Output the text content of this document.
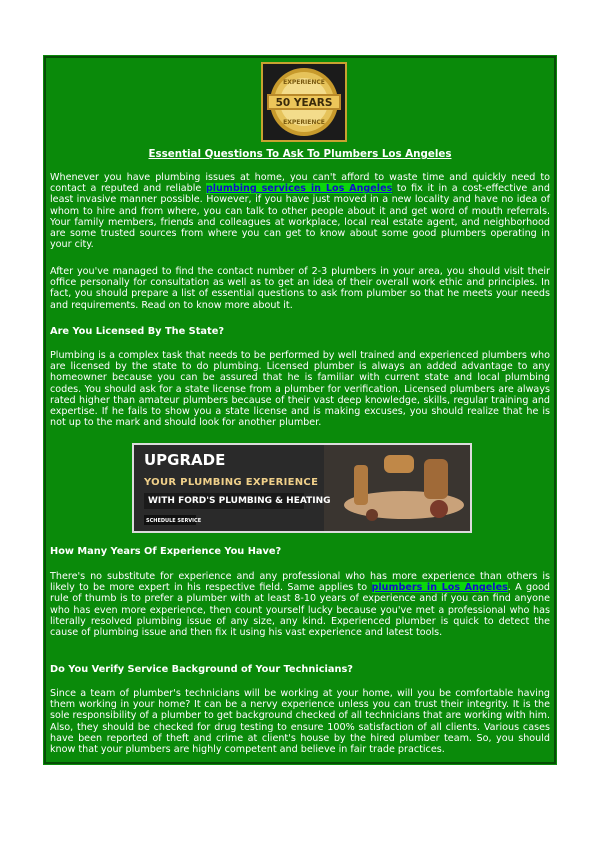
50 YEARS
EXPERIENCE
EXPERIENCE
Essential Questions To Ask To Plumbers Los Angeles

Whenever you have plumbing issues at home, you can't afford to waste time and quickly need to contact a reputed and reliable plumbing services in Los Angeles to fix it in a cost-effective and least invasive manner possible. However, if you have just moved in a new locality and have no idea of whom to hire and from where, you can talk to other people about it and get word of mouth referrals. Your family members, friends and colleagues at workplace, local real estate agent, and neighborhood are some trusted sources from where you can get to know about some good plumbers operating in your city.

After you've managed to find the contact number of 2-3 plumbers in your area, you should visit their office personally for consultation as well as to get an idea of their overall work ethic and principles. In fact, you should prepare a list of essential questions to ask from plumber so that he meets your needs and requirements. Read on to know more about it.

Are You Licensed By The State?

Plumbing is a complex task that needs to be performed by well trained and experienced plumbers who are licensed by the state to do plumbing. Licensed plumber is always an added advantage to any homeowner because you can be assured that he is familiar with current state and local plumbing codes. You should ask for a state license from a plumber for verification. Licensed plumbers are always rated higher than amateur plumbers because of their vast deep knowledge, skills, regular training and expertise. If he fails to show you a state license and is making excuses, you should realize that he is not up to the mark and should look for another plumber.

UPGRADE
YOUR PLUMBING EXPERIENCE
WITH FORD'S PLUMBING & HEATING
SCHEDULE SERVICE
How Many Years Of Experience You Have?

There's no substitute for experience and any professional who has more experience than others is likely to be more expert in his respective field. Same applies to plumbers in Los Angeles. A good rule of thumb is to prefer a plumber with at least 8-10 years of experience and if you can find anyone who has even more experience, then count yourself lucky because you've met a professional who has literally resolved plumbing issue of any size, any kind. Experienced plumber is quick to detect the cause of plumbing issue and then fix it using his vast experience and latest tools.

Do You Verify Service Background of Your Technicians?

Since a team of plumber's technicians will be working at your home, will you be comfortable having them working in your home? It can be a nervy experience unless you can trust their integrity. It is the sole responsibility of a plumber to get background checked of all technicians that are working with him. Also, they should be checked for drug testing to ensure 100% satisfaction of all clients. Various cases have been reported of theft and crime at client's house by the hired plumber team. So, you should know that your plumbers are highly competent and believe in fair trade practices.
